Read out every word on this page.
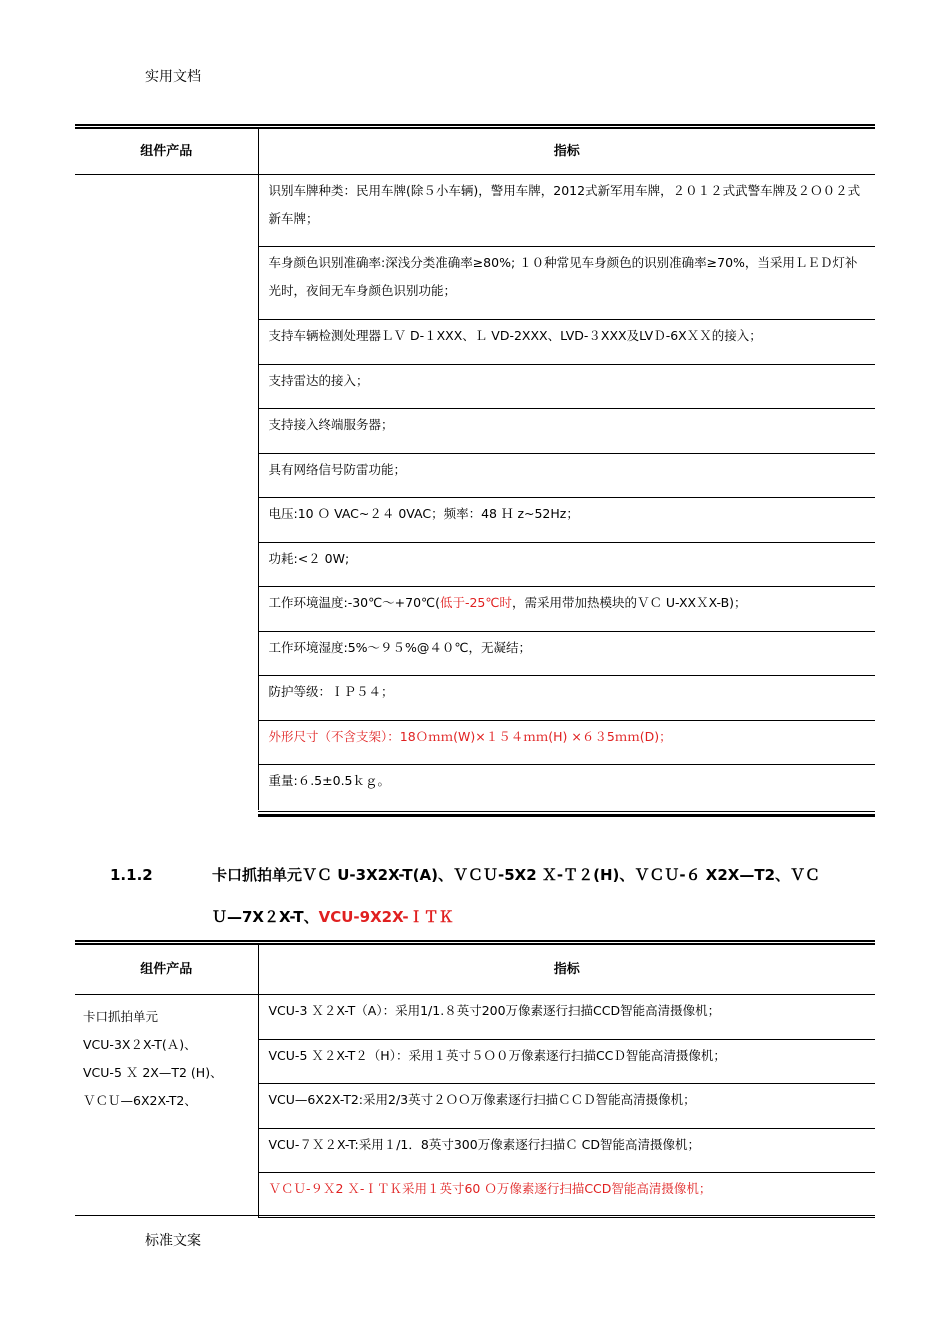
实用文档
组件产品	指标
	识别车牌种类：民用车牌(除５小车辆)，警用车牌，2012式新军用车牌，２０１２式武警车牌及２Ｏ０２式新车牌；
	车身颜色识别准确率:深浅分类准确率≥80%; １０种常见车身颜色的识别准确率≥70%，当采用ＬＥＤ灯补光时，夜间无车身颜色识别功能；
	支持车辆检测处理器ＬＶ D-１XXX、Ｌ VD-2XXX、LVD-３XXX及LVＤ-6XＸＸ的接入；
	支持雷达的接入；
	支持接入终端服务器；
	具有网络信号防雷功能；
	电压:10 Ｏ VAC~２４ 0VAC；频率：48 Ｈ z~52Hz；
	功耗:<２ 0W;
	工作环境温度:-30℃～+70℃(低于-25℃时，需采用带加热模块的ＶＣ U-XXＸX-B)；
	工作环境湿度:5%～９５%@４０℃，无凝结；
	防护等级：ＩＰ５４；
	外形尺寸（不含支架）：18Ｏｍｍ(W)×１５４ｍｍ(H) ×６３5ｍｍ(D)；
	重量:６.5±0.5ｋｇ。
1.1.2	卡口抓拍单元ＶＣ U-3X2X-T(A)、ＶＣＵ-5X2 Ｘ-Ｔ２(H)、ＶＣＵ-６ X2X—T2、ＶＣ
Ｕ—7X２X-T、VCU-9X2X-ＩＴＫ
组件产品	指标

卡口抓拍单元
VCU-3X２X-T(Ａ)、
VCU-5 Ｘ 2X—T2 (H)、
ＶＣＵ—6X2X-T2、	VCU-3 Ｘ２X-T（A）：采用1/1.８英寸200万像素逐行扫描CCD智能高清摄像机；
	VCU-5 Ｘ２X-T２（H）：采用１英寸５Ｏ０万像素逐行扫描CCＤ智能高清摄像机；
	VCU—6X2X-T2:采用2/3英寸２ＯＯ万像素逐行扫描ＣＣＤ智能高清摄像机；
	VCU-７Ｘ２X-T:采用１/1．8英寸300万像素逐行扫描Ｃ CD智能高清摄像机；
	ＶＣＵ-９Ｘ2 Ｘ-ＩＴＫ采用１英寸60 Ｏ万像素逐行扫描CCD智能高清摄像机；
标准文案
